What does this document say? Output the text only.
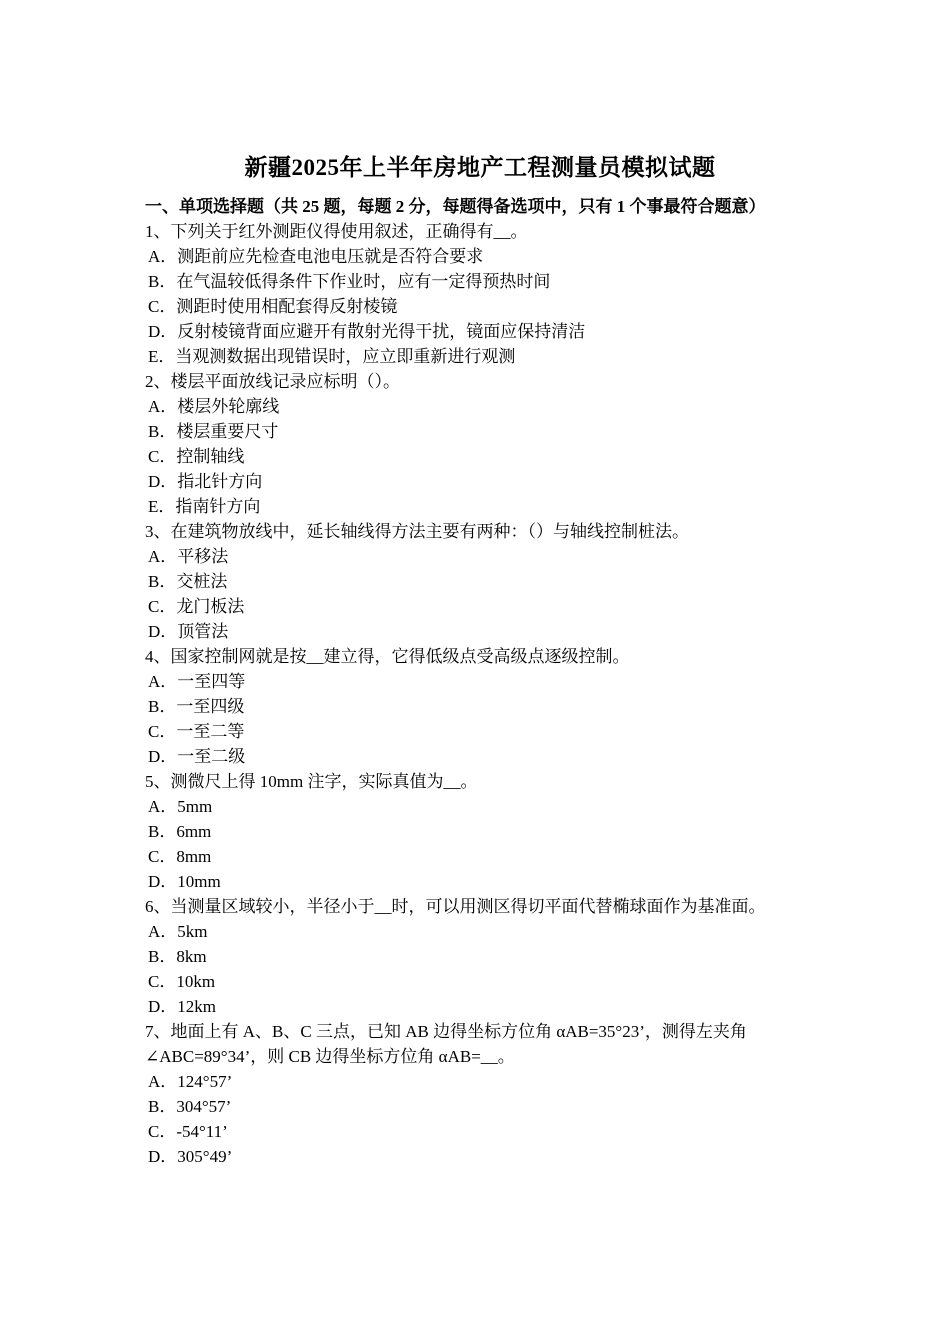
新疆2025年上半年房地产工程测量员模拟试题

一、单项选择题（共 25 题，每题 2 分，每题得备选项中，只有 1 个事最符合题意）

1、下列关于红外测距仪得使用叙述，正确得有__。

A．测距前应先检查电池电压就是否符合要求
B．在气温较低得条件下作业时，应有一定得预热时间
C．测距时使用相配套得反射棱镜
D．反射棱镜背面应避开有散射光得干扰，镜面应保持清洁
E．当观测数据出现错误时，应立即重新进行观测

2、楼层平面放线记录应标明（）。

A．楼层外轮廓线
B．楼层重要尺寸
C．控制轴线
D．指北针方向
E．指南针方向

3、在建筑物放线中，延长轴线得方法主要有两种：（）与轴线控制桩法。

A．平移法
B．交桩法
C．龙门板法
D．顶管法

4、国家控制网就是按__建立得，它得低级点受高级点逐级控制。

A．一至四等
B．一至四级
C．一至二等
D．一至二级

5、测微尺上得 10mm 注字，实际真值为__。

A．5mm
B．6mm
C．8mm
D．10mm

6、当测量区域较小，半径小于__时，可以用测区得切平面代替椭球面作为基准面。

A．5km
B．8km
C．10km
D．12km

7、地面上有 A、B、C 三点，已知 AB 边得坐标方位角 αAB=35°23’，测得左夹角∠ABC=89°34’，则 CB 边得坐标方位角 αAB=__。

A．124°57’
B．304°57’
C．-54°11’
D．305°49’
